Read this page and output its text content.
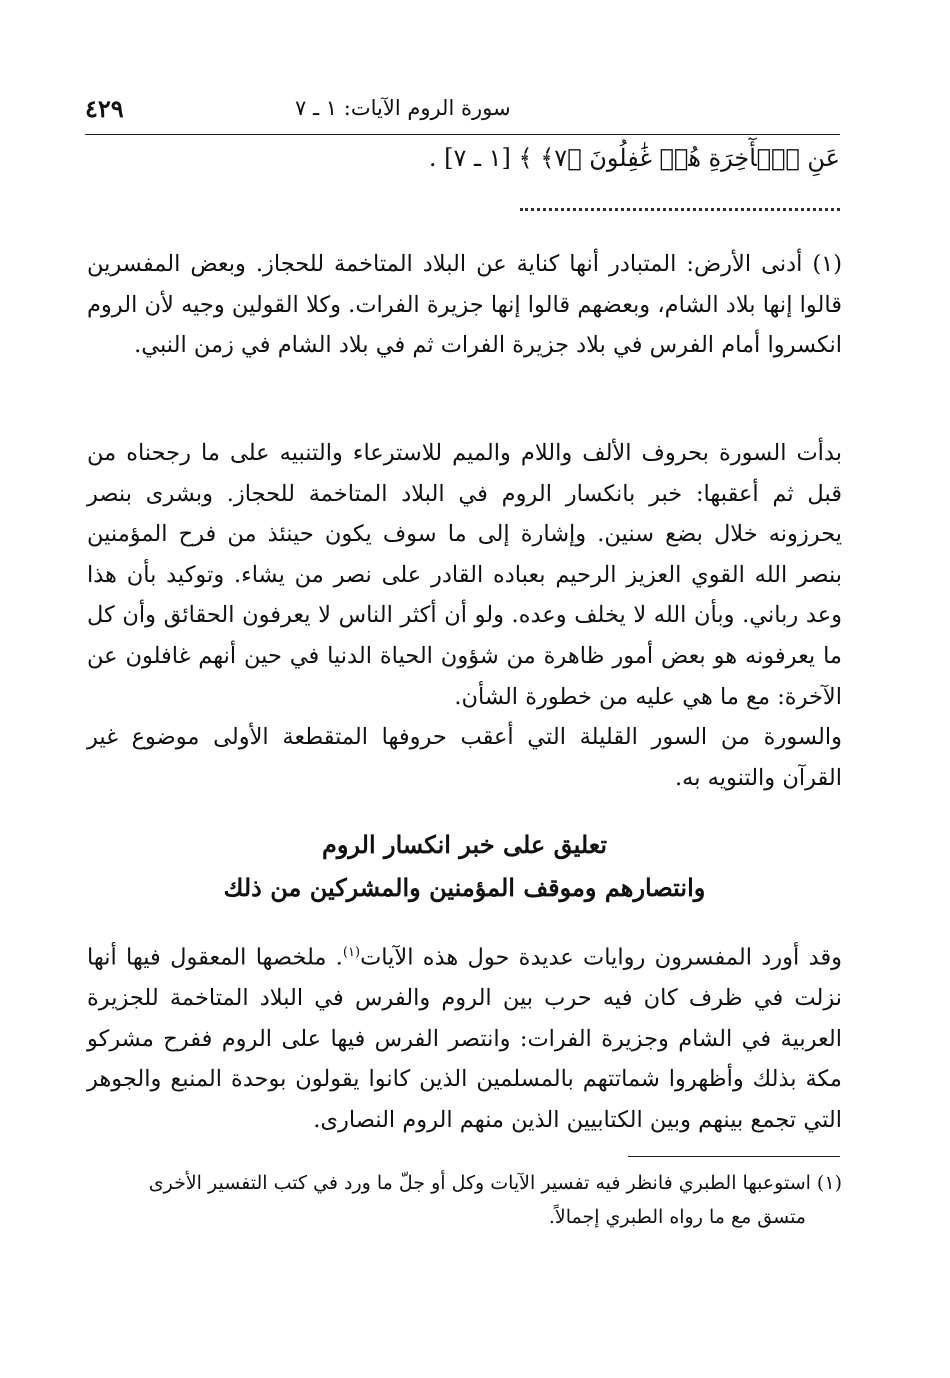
سورة الروم الآيات: ١ ـ ٧
٤٢٩
عَنِ ٱلۡأٓخِرَةِ هُمۡ غَٰفِلُونَ ﴿٧﴾ ﴾ [١ ـ ٧] .

(١) أدنى الأرض: المتبادر أنها كناية عن البلاد المتاخمة للحجاز. وبعض المفسرين قالوا إنها بلاد الشام، وبعضهم قالوا إنها جزيرة الفرات. وكلا القولين وجيه لأن الروم انكسروا أمام الفرس في بلاد جزيرة الفرات ثم في بلاد الشام في زمن النبي.

بدأت السورة بحروف الألف واللام والميم للاسترعاء والتنبيه على ما رجحناه من قبل ثم أعقبها: خبر بانكسار الروم في البلاد المتاخمة للحجاز. وبشرى بنصر يحرزونه خلال بضع سنين. وإشارة إلى ما سوف يكون حينئذ من فرح المؤمنين بنصر الله القوي العزيز الرحيم بعباده القادر على نصر من يشاء. وتوكيد بأن هذا وعد رباني. وبأن الله لا يخلف وعده. ولو أن أكثر الناس لا يعرفون الحقائق وأن كل ما يعرفونه هو بعض أمور ظاهرة من شؤون الحياة الدنيا في حين أنهم غافلون عن الآخرة: مع ما هي عليه من خطورة الشأن.

والسورة من السور القليلة التي أعقب حروفها المتقطعة الأولى موضوع غير القرآن والتنويه به.

تعليق على خبر انكسار الروم
وانتصارهم وموقف المؤمنين والمشركين من ذلك

وقد أورد المفسرون روايات عديدة حول هذه الآيات$^{(١)}$. ملخصها المعقول فيها أنها نزلت في ظرف كان فيه حرب بين الروم والفرس في البلاد المتاخمة للجزيرة العربية في الشام وجزيرة الفرات: وانتصر الفرس فيها على الروم ففرح مشركو مكة بذلك وأظهروا شماتتهم بالمسلمين الذين كانوا يقولون بوحدة المنبع والجوهر التي تجمع بينهم وبين الكتابيين الذين منهم الروم النصارى.

(١) استوعبها الطبري فانظر فيه تفسير الآيات وكل أو جلّ ما ورد في كتب التفسير الأخرى
متسق مع ما رواه الطبري إجمالاً.
